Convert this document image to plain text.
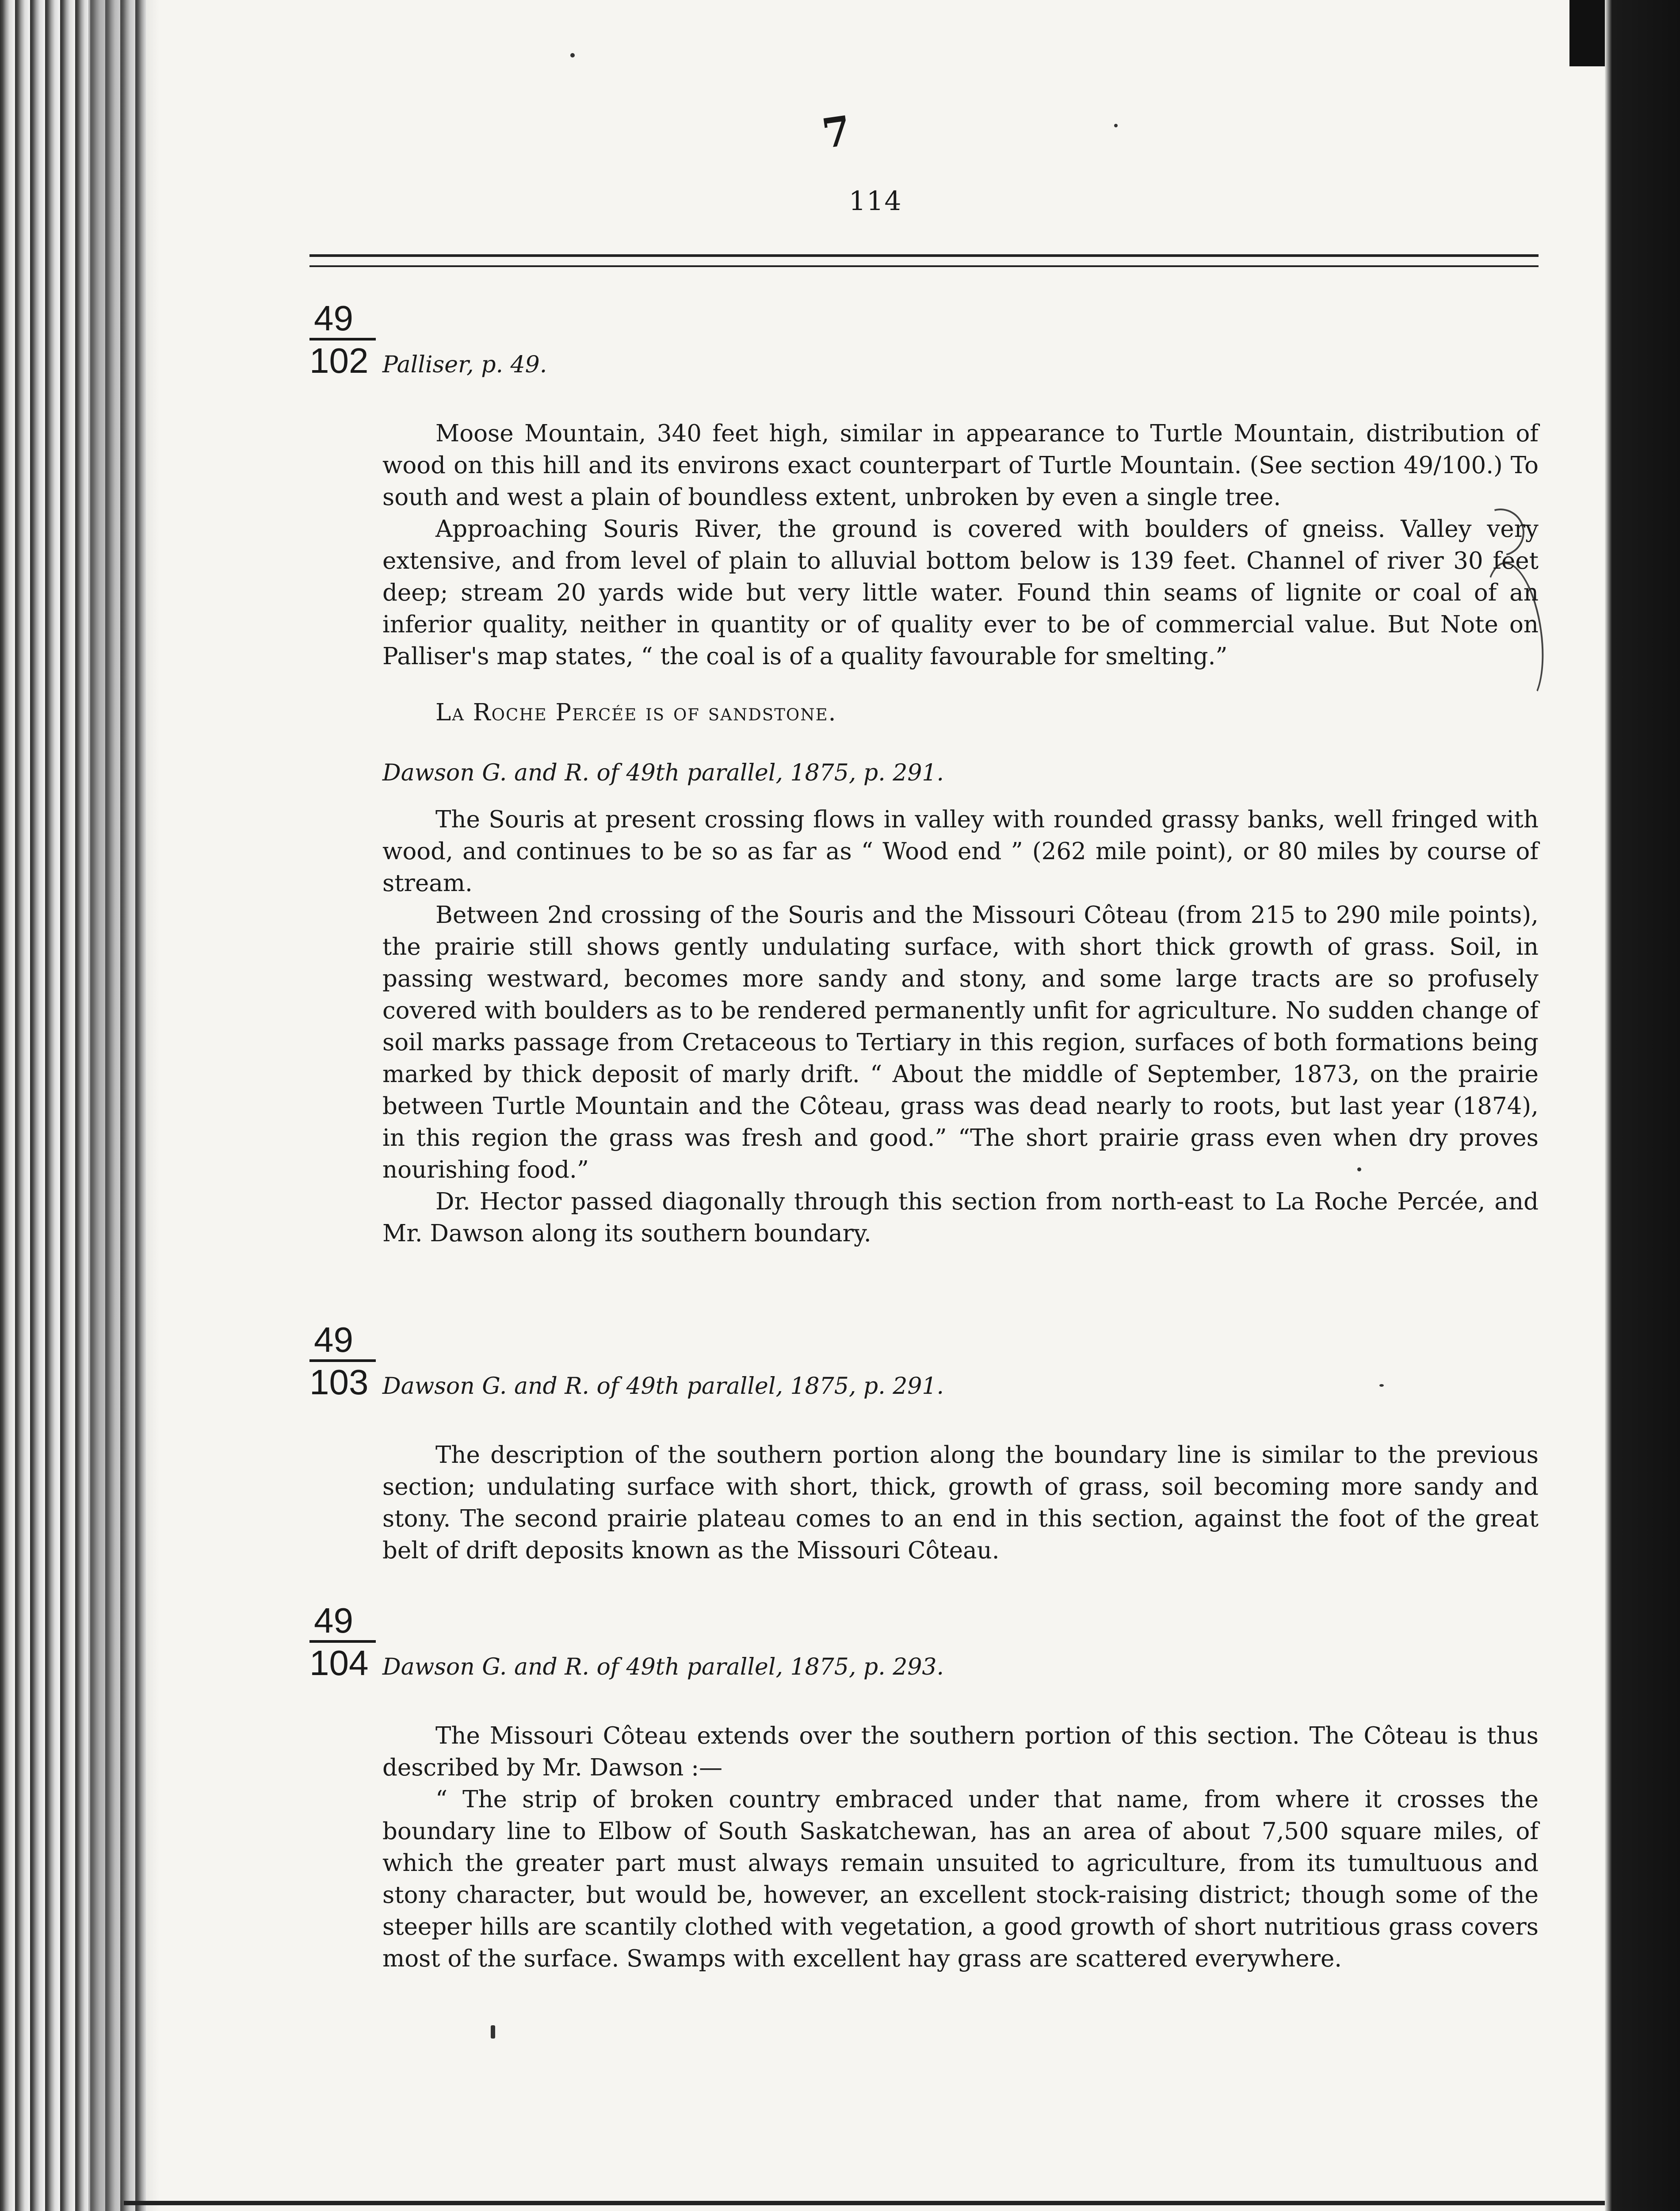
7
114
49
102 Palliser, p. 49.

Moose Mountain, 340 feet high, similar in appearance to Turtle Mountain, distribution of wood on this hill and its environs exact counterpart of Turtle Mountain. (See section 49/100.) To south and west a plain of boundless extent, unbroken by even a single tree.

Approaching Souris River, the ground is covered with boulders of gneiss. Valley very extensive, and from level of plain to alluvial bottom below is 139 feet. Channel of river 30 feet deep; stream 20 yards wide but very little water. Found thin seams of lignite or coal of an inferior quality, neither in quantity or of quality ever to be of commercial value. But Note on Palliser's map states, “ the coal is of a quality favourable for smelting.”

La Roche Percée is of sandstone.

Dawson G. and R. of 49th parallel, 1875, p. 291.

The Souris at present crossing flows in valley with rounded grassy banks, well fringed with wood, and continues to be so as far as “ Wood end ” (262 mile point), or 80 miles by course of stream.

Between 2nd crossing of the Souris and the Missouri Côteau (from 215 to 290 mile points), the prairie still shows gently undulating surface, with short thick growth of grass. Soil, in passing westward, becomes more sandy and stony, and some large tracts are so profusely covered with boulders as to be rendered permanently unfit for agriculture. No sudden change of soil marks passage from Cretaceous to Tertiary in this region, surfaces of both formations being marked by thick deposit of marly drift. “ About the middle of September, 1873, on the prairie between Turtle Mountain and the Côteau, grass was dead nearly to roots, but last year (1874), in this region the grass was fresh and good.” “The short prairie grass even when dry proves nourishing food.”

Dr. Hector passed diagonally through this section from north-east to La Roche Percée, and Mr. Dawson along its southern boundary.

49
103 Dawson G. and R. of 49th parallel, 1875, p. 291.

The description of the southern portion along the boundary line is similar to the previous section; undulating surface with short, thick, growth of grass, soil becoming more sandy and stony. The second prairie plateau comes to an end in this section, against the foot of the great belt of drift deposits known as the Missouri Côteau.

49
104 Dawson G. and R. of 49th parallel, 1875, p. 293.

The Missouri Côteau extends over the southern portion of this section. The Côteau is thus described by Mr. Dawson :—

“ The strip of broken country embraced under that name, from where it crosses the boundary line to Elbow of South Saskatchewan, has an area of about 7,500 square miles, of which the greater part must always remain unsuited to agriculture, from its tumultuous and stony character, but would be, however, an excellent stock-raising district; though some of the steeper hills are scantily clothed with vegetation, a good growth of short nutritious grass covers most of the surface. Swamps with excellent hay grass are scattered everywhere.
